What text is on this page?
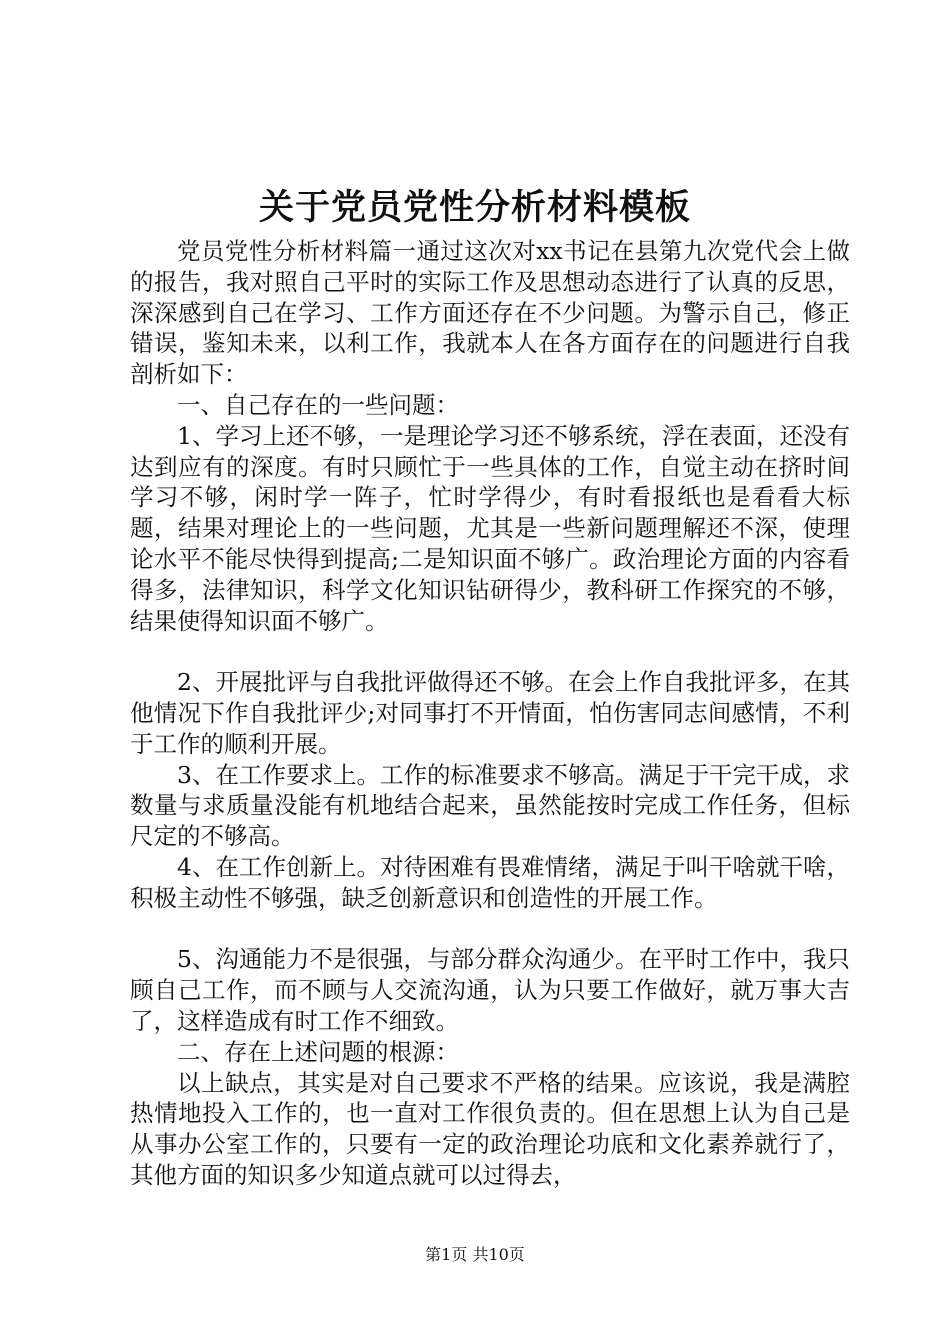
关于党员党性分析材料模板

党员党性分析材料篇一通过这次对xx书记在县第九次党代会上做的报告，我对照自己平时的实际工作及思想动态进行了认真的反思，深深感到自己在学习、工作方面还存在不少问题。为警示自己，修正错误，鉴知未来，以利工作，我就本人在各方面存在的问题进行自我剖析如下：

一、自己存在的一些问题：

1、学习上还不够，一是理论学习还不够系统，浮在表面，还没有达到应有的深度。有时只顾忙于一些具体的工作，自觉主动在挤时间学习不够，闲时学一阵子，忙时学得少，有时看报纸也是看看大标题，结果对理论上的一些问题，尤其是一些新问题理解还不深，使理论水平不能尽快得到提高;二是知识面不够广。政治理论方面的内容看得多，法律知识，科学文化知识钻研得少，教科研工作探究的不够，结果使得知识面不够广。

2、开展批评与自我批评做得还不够。在会上作自我批评多，在其他情况下作自我批评少;对同事打不开情面，怕伤害同志间感情，不利于工作的顺利开展。

3、在工作要求上。工作的标准要求不够高。满足于干完干成，求数量与求质量没能有机地结合起来，虽然能按时完成工作任务，但标尺定的不够高。

4、在工作创新上。对待困难有畏难情绪，满足于叫干啥就干啥，积极主动性不够强，缺乏创新意识和创造性的开展工作。

5、沟通能力不是很强，与部分群众沟通少。在平时工作中，我只顾自己工作，而不顾与人交流沟通，认为只要工作做好，就万事大吉了，这样造成有时工作不细致。

二、存在上述问题的根源：

以上缺点，其实是对自己要求不严格的结果。应该说，我是满腔热情地投入工作的，也一直对工作很负责的。但在思想上认为自己是从事办公室工作的，只要有一定的政治理论功底和文化素养就行了，其他方面的知识多少知道点就可以过得去，

第1页 共10页
